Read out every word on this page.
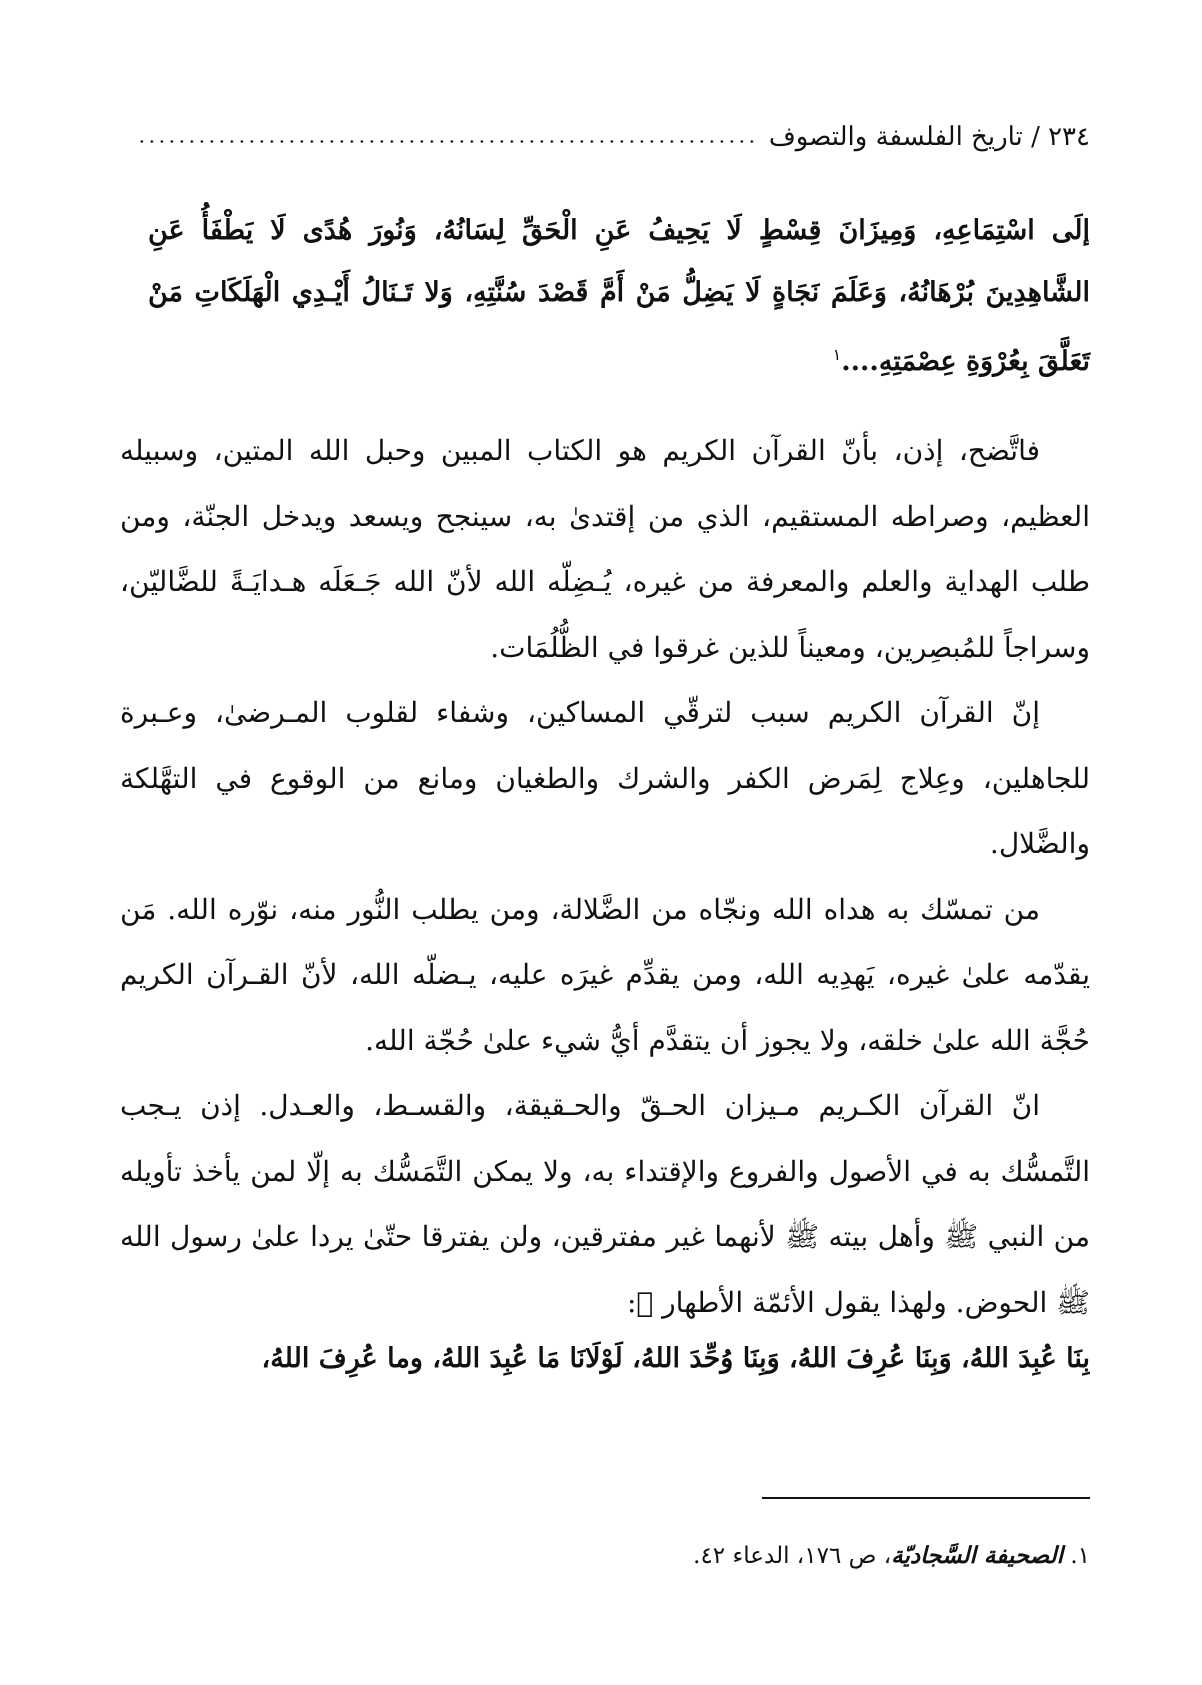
٢٣٤ / تاريخ الفلسفة والتصوف
إلَى اسْتِمَاعِهِ، وَمِيزَانَ قِسْطٍ لَا يَحِيفُ عَنِ الْحَقِّ لِسَانُهُ، وَنُورَ هُدًى لَا يَطْفَأُ عَنِ الشَّاهِدِينَ بُرْهَانُهُ، وَعَلَمَ نَجَاةٍ لَا يَضِلُّ مَنْ أَمَّ قَصْدَ سُنَّتِهِ، وَلا تَـنَالُ أَيْـدِي الْهَلَكَاتِ مَنْ تَعَلَّقَ بِعُرْوَةِ عِصْمَتِهِ....$^١$

فاتَّضح، إذن، بأنّ القرآن الكريم هو الكتاب المبين وحبل الله المتين، وسبيله العظيم، وصراطه المستقيم، الذي من إقتدىٰ به، سينجح ويسعد ويدخل الجنّة، ومن طلب الهداية والعلم والمعرفة من غيره، يُـضِلّه الله لأنّ الله جَـعَلَه هـدايَـةً للضَّاليّن، وسراجاً للمُبصِرين، ومعيناً للذين غرقوا في الظُّلُمَات.

إنّ القرآن الكريم سبب لترقّي المساكين، وشفاء لقلوب المـرضىٰ، وعـبرة للجاهلين، وعِلاج لِمَرض الكفر والشرك والطغيان ومانع من الوقوع في التهَّلكة والضَّلال.

من تمسّك به هداه الله ونجّاه من الضَّلالة، ومن يطلب النُّور منه، نوّره الله. مَن يقدّمه علىٰ غيره، يَهدِيه الله، ومن يقدِّم غيرَه عليه، يـضلّه الله، لأنّ القـرآن الكريم حُجَّة الله علىٰ خلقه، ولا يجوز أن يتقدَّم أيُّ شيء علىٰ حُجّة الله.

انّ القرآن الكـريم مـيزان الحـقّ والحـقيقة، والقسـط، والعـدل. إذن يـجب التَّمسُّك به في الأصول والفروع والإقتداء به، ولا يمكن التَّمَسُّك به إلّا لمن يأخذ تأويله من النبي ﷺ وأهل بيته ﷺ لأنهما غير مفترقين، ولن يفترقا حتّىٰ يردا علىٰ رسول الله ﷺ الحوض. ولهذا يقول الأئمّة الأطهار ﷩:

بِنَا عُبِدَ اللهُ، وَبِنَا عُرِفَ اللهُ، وَبِنَا وُحِّدَ اللهُ، لَوْلَانَا مَا عُبِدَ اللهُ، وما عُرِفَ اللهُ،
١. الصحيفة السَّجاديّة، ص ١٧٦، الدعاء ٤٢.
